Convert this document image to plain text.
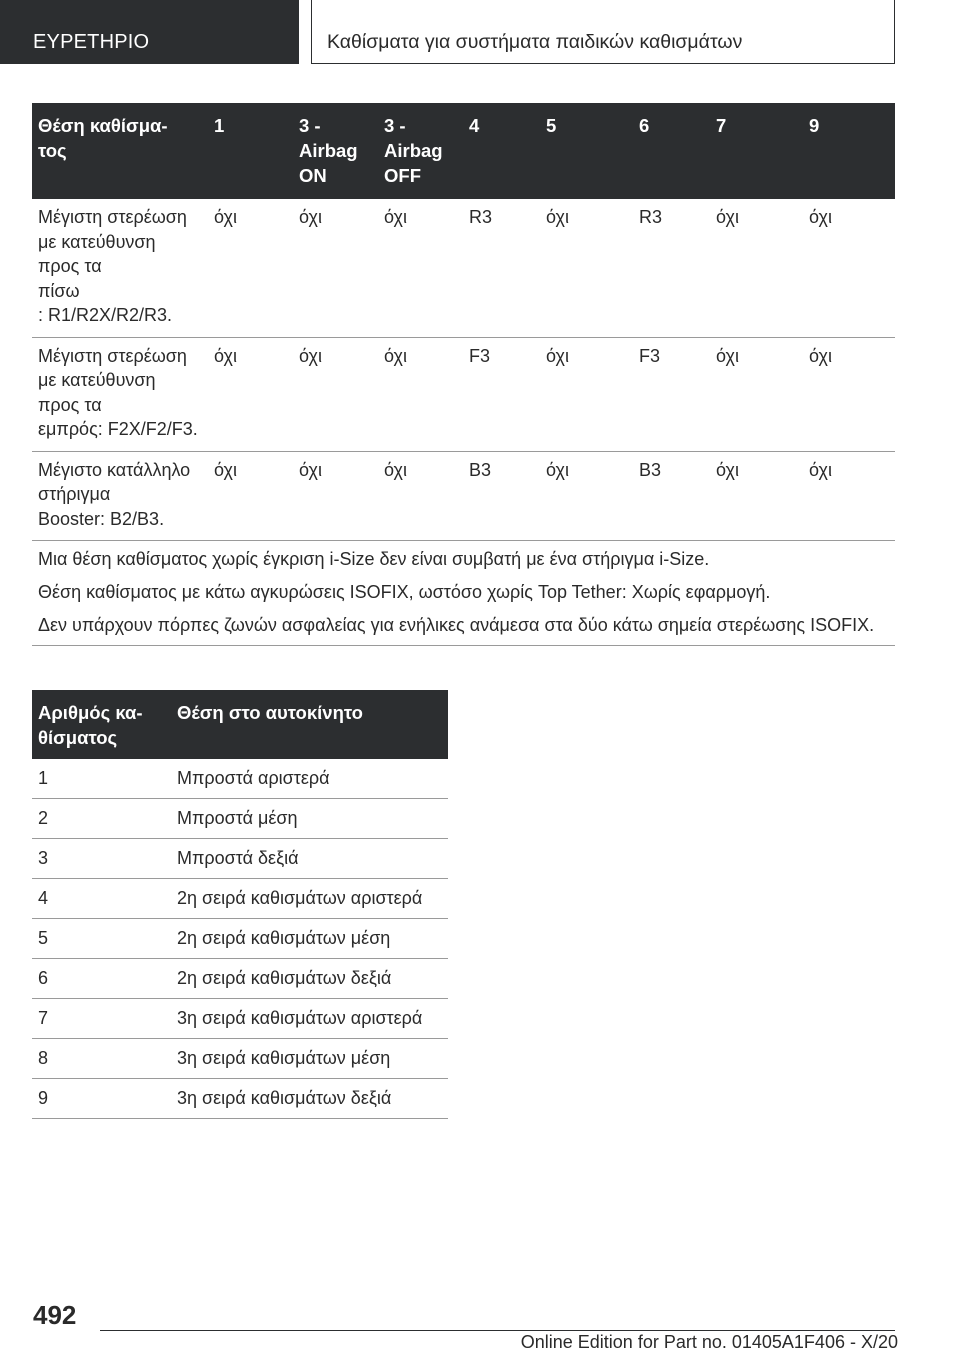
ΕΥΡΕΤΗΡΙΟ	Καθίσματα για συστήματα παιδικών καθισμάτων
Θέση καθίσμα-
τος	1	3 -
Airbag
ON	3 -
Airbag
OFF	4	5	6	7	9
Μέγιστη στερέωση
με κατεύθυνση
προς τα
πίσω
: R1/R2X/R2/R3.	όχι	όχι	όχι	R3	όχι	R3	όχι	όχι
Μέγιστη στερέωση
με κατεύθυνση
προς τα
εμπρός: F2X/F2/F3.	όχι	όχι	όχι	F3	όχι	F3	όχι	όχι
Μέγιστο κατάλληλο
στήριγμα
Booster: B2/B3.	όχι	όχι	όχι	B3	όχι	B3	όχι	όχι

Μια θέση καθίσματος χωρίς έγκριση i-Size δεν είναι συμβατή με ένα στήριγμα i-Size.

Θέση καθίσματος με κάτω αγκυρώσεις ISOFIX, ωστόσο χωρίς Top Tether: Χωρίς εφαρμογή.

Δεν υπάρχουν πόρπες ζωνών ασφαλείας για ενήλικες ανάμεσα στα δύο κάτω σημεία στερέωσης ISOFIX.								

Αριθμός κα-
θίσματος	Θέση στο αυτοκίνητο
1	Μπροστά αριστερά
2	Μπροστά μέση
3	Μπροστά δεξιά
4	2η σειρά καθισμάτων αριστερά
5	2η σειρά καθισμάτων μέση
6	2η σειρά καθισμάτων δεξιά
7	3η σειρά καθισμάτων αριστερά
8	3η σειρά καθισμάτων μέση
9	3η σειρά καθισμάτων δεξιά
492
Online Edition for Part no. 01405A1F406 - X/20
